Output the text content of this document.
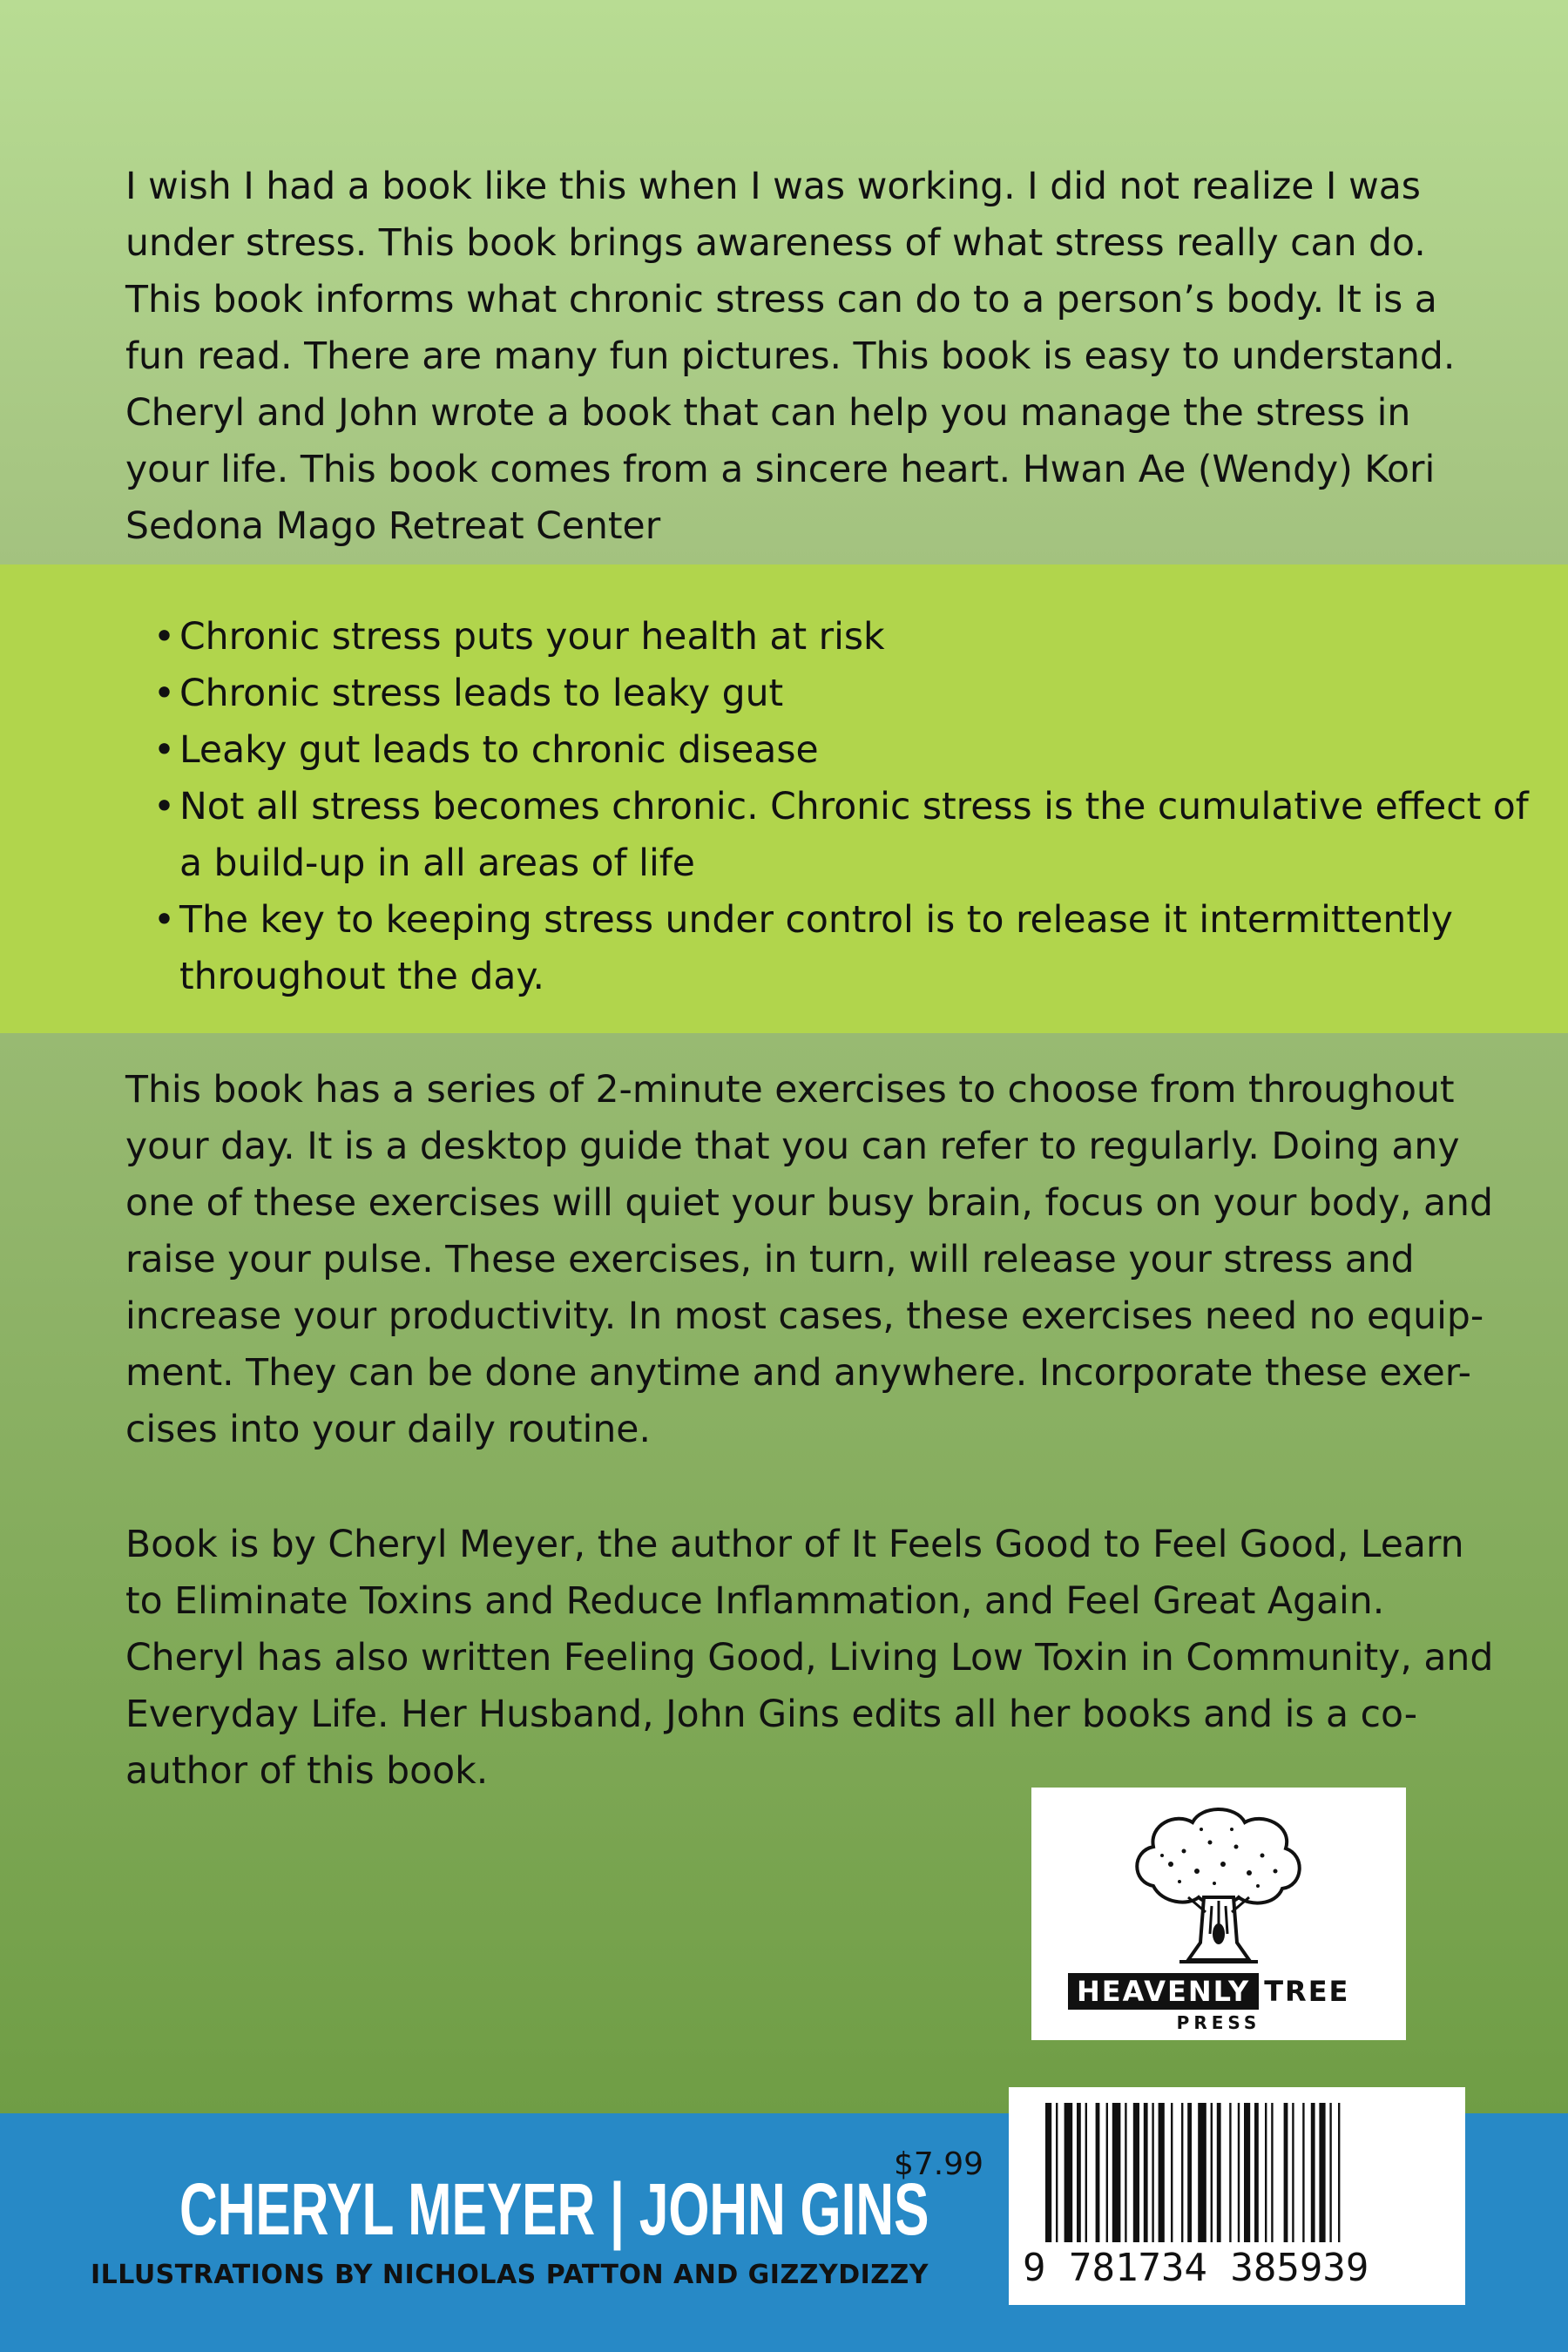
I wish I had a book like this when I was working. I did not realize I was under stress. This book brings awareness of what stress really can do. This book informs what chronic stress can do to a person’s body. It is a fun read. There are many fun pictures. This book is easy to understand. Cheryl and John wrote a book that can help you manage the stress in your life. This book comes from a sincere heart. Hwan Ae (Wendy) Kori
Sedona Mago Retreat Center

• Chronic stress puts your health at risk
• Chronic stress leads to leaky gut
• Leaky gut leads to chronic disease
• Not all stress becomes chronic. Chronic stress is the cumulative effect of a build-up in all areas of life
• The key to keeping stress under control is to release it intermittently throughout the day.

This book has a series of 2-minute exercises to choose from throughout your day. It is a desktop guide that you can refer to regularly. Doing any one of these exercises will quiet your busy brain, focus on your body, and raise your pulse. These exercises, in turn, will release your stress and increase your productivity. In most cases, these exercises need no equip-ment. They can be done anytime and anywhere. Incorporate these exer-cises into your daily routine.

Book is by Cheryl Meyer, the author of It Feels Good to Feel Good, Learn to Eliminate Toxins and Reduce Inflammation, and Feel Great Again. Cheryl has also written Feeling Good, Living Low Toxin in Community, and Everyday Life. Her Husband, John Gins edits all her books and is a co-author of this book.

HEAVENLY TREE
PRESS
CHERYL MEYER | JOHN GINS
ILLUSTRATIONS BY NICHOLAS PATTON AND GIZZYDIZZY
$7.99
9 781734 385939
